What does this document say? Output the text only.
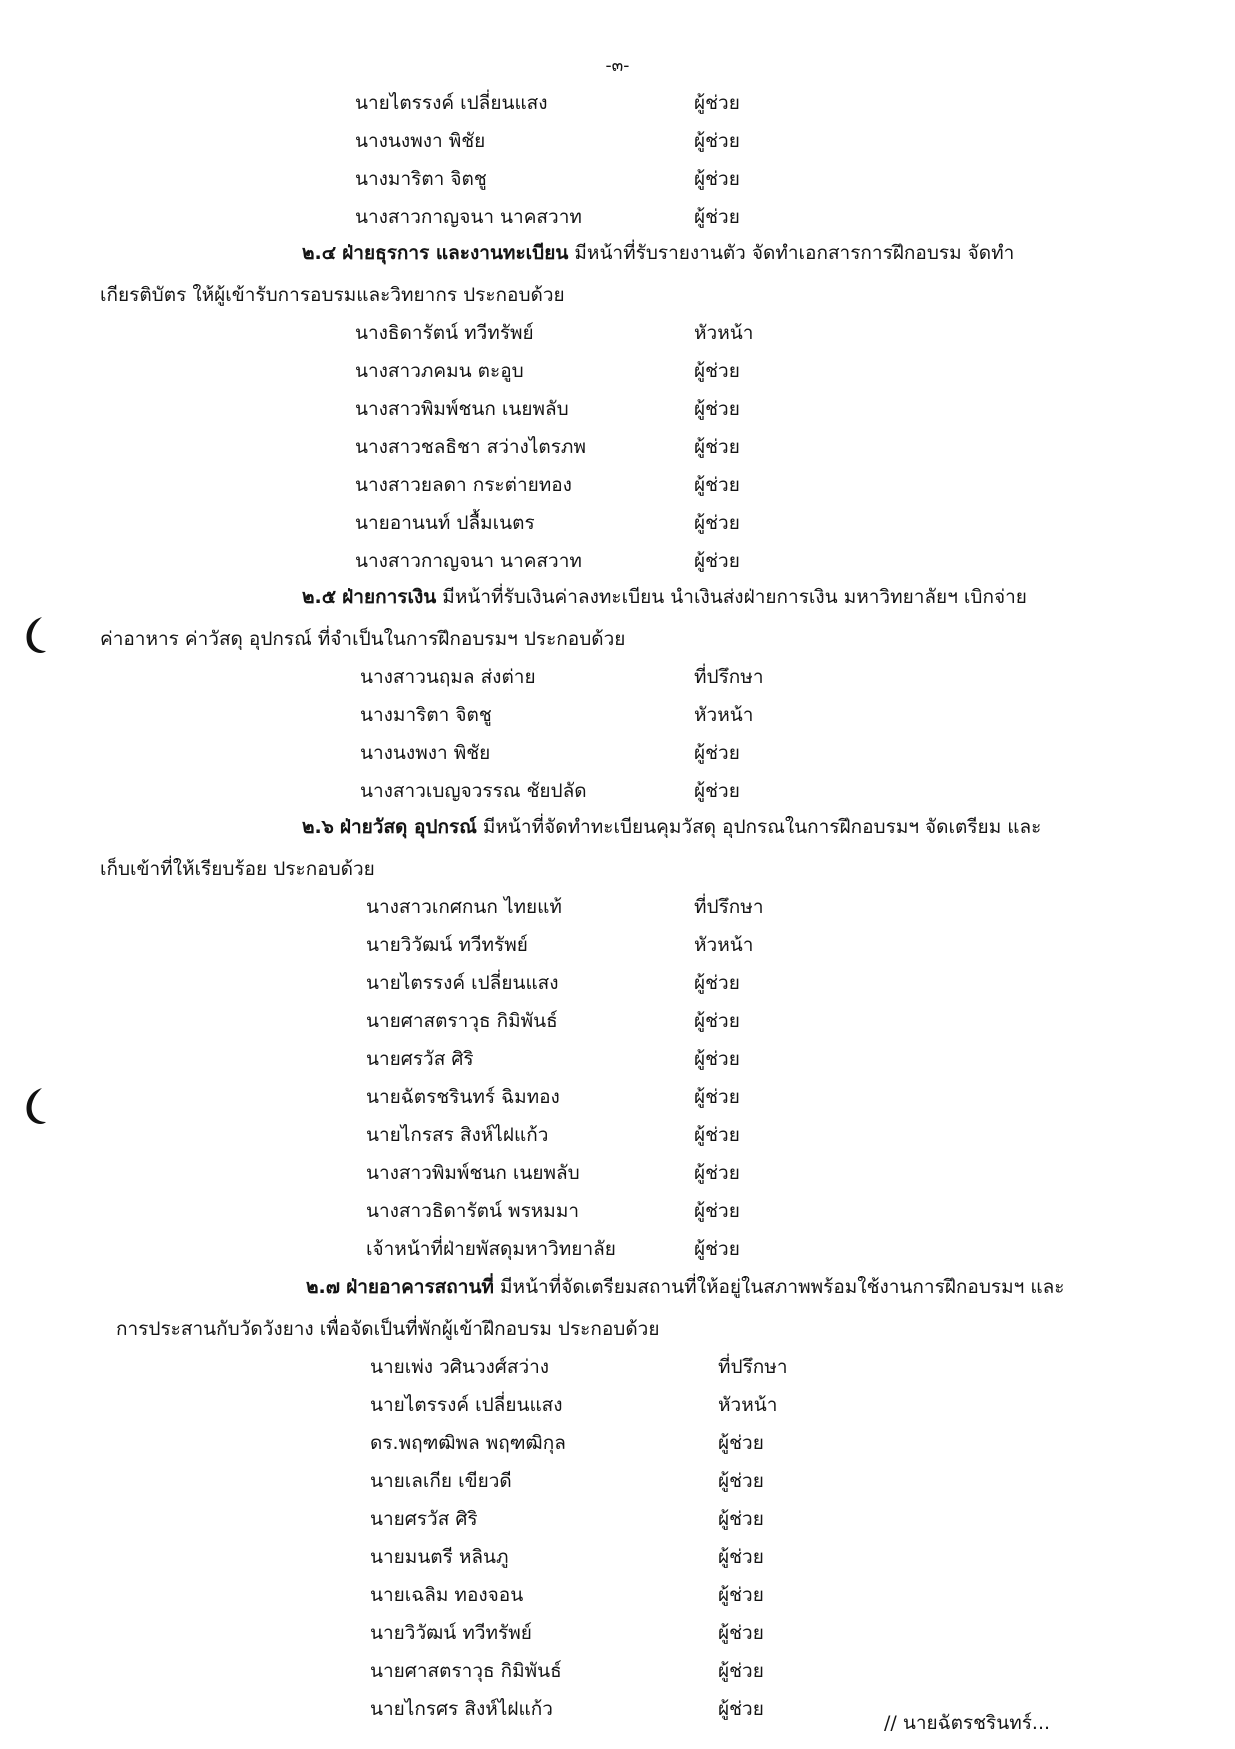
-๓-
นายไตรรงค์ เปลี่ยนแสง	ผู้ช่วย
นางนงพงา พิชัย	ผู้ช่วย
นางมาริตา จิตชู	ผู้ช่วย
นางสาวกาญจนา นาคสวาท	ผู้ช่วย
๒.๔ ฝ่ายธุรการ และงานทะเบียน มีหน้าที่รับรายงานตัว จัดทำเอกสารการฝึกอบรม จัดทำ
เกียรติบัตร ให้ผู้เข้ารับการอบรมและวิทยากร ประกอบด้วย
นางธิดารัตน์ ทวีทรัพย์	หัวหน้า
นางสาวภคมน ตะอูบ	ผู้ช่วย
นางสาวพิมพ์ชนก เนยพลับ	ผู้ช่วย
นางสาวชลธิชา สว่างไตรภพ	ผู้ช่วย
นางสาวยลดา กระต่ายทอง	ผู้ช่วย
นายอานนท์ ปลื้มเนตร	ผู้ช่วย
นางสาวกาญจนา นาคสวาท	ผู้ช่วย
๒.๕ ฝ่ายการเงิน มีหน้าที่รับเงินค่าลงทะเบียน นำเงินส่งฝ่ายการเงิน มหาวิทยาลัยฯ เบิกจ่าย
ค่าอาหาร ค่าวัสดุ อุปกรณ์ ที่จำเป็นในการฝึกอบรมฯ ประกอบด้วย
นางสาวนฤมล ส่งต่าย	ที่ปรึกษา
นางมาริตา จิตชู	หัวหน้า
นางนงพงา พิชัย	ผู้ช่วย
นางสาวเบญจวรรณ ชัยปลัด	ผู้ช่วย
๒.๖ ฝ่ายวัสดุ อุปกรณ์ มีหน้าที่จัดทำทะเบียนคุมวัสดุ อุปกรณในการฝึกอบรมฯ จัดเตรียม และ
เก็บเข้าที่ให้เรียบร้อย ประกอบด้วย
นางสาวเกศกนก ไทยแท้	ที่ปรึกษา
นายวิวัฒน์ ทวีทรัพย์	หัวหน้า
นายไตรรงค์ เปลี่ยนแสง	ผู้ช่วย
นายศาสตราวุธ กิมิพันธ์	ผู้ช่วย
นายศรวัส ศิริ	ผู้ช่วย
นายฉัตรชรินทร์ ฉิมทอง	ผู้ช่วย
นายไกรสร สิงห์ไฝแก้ว	ผู้ช่วย
นางสาวพิมพ์ชนก เนยพลับ	ผู้ช่วย
นางสาวธิดารัตน์ พรหมมา	ผู้ช่วย
เจ้าหน้าที่ฝ่ายพัสดุมหาวิทยาลัย	ผู้ช่วย
๒.๗ ฝ่ายอาคารสถานที่ มีหน้าที่จัดเตรียมสถานที่ให้อยู่ในสภาพพร้อมใช้งานการฝึกอบรมฯ และ
การประสานกับวัดวังยาง เพื่อจัดเป็นที่พักผู้เข้าฝึกอบรม ประกอบด้วย
นายเพ่ง วศินวงศ์สว่าง	ที่ปรึกษา
นายไตรรงค์ เปลี่ยนแสง	หัวหน้า
ดร.พฤฑฒิพล พฤฑฒิกุล	ผู้ช่วย
นายเลเกีย เขียวดี	ผู้ช่วย
นายศรวัส ศิริ	ผู้ช่วย
นายมนตรี หลินภู	ผู้ช่วย
นายเฉลิม ทองจอน	ผู้ช่วย
นายวิวัฒน์ ทวีทรัพย์	ผู้ช่วย
นายศาสตราวุธ กิมิพันธ์	ผู้ช่วย
นายไกรศร สิงห์ไฝแก้ว	ผู้ช่วย
// นายฉัตรชรินทร์...
